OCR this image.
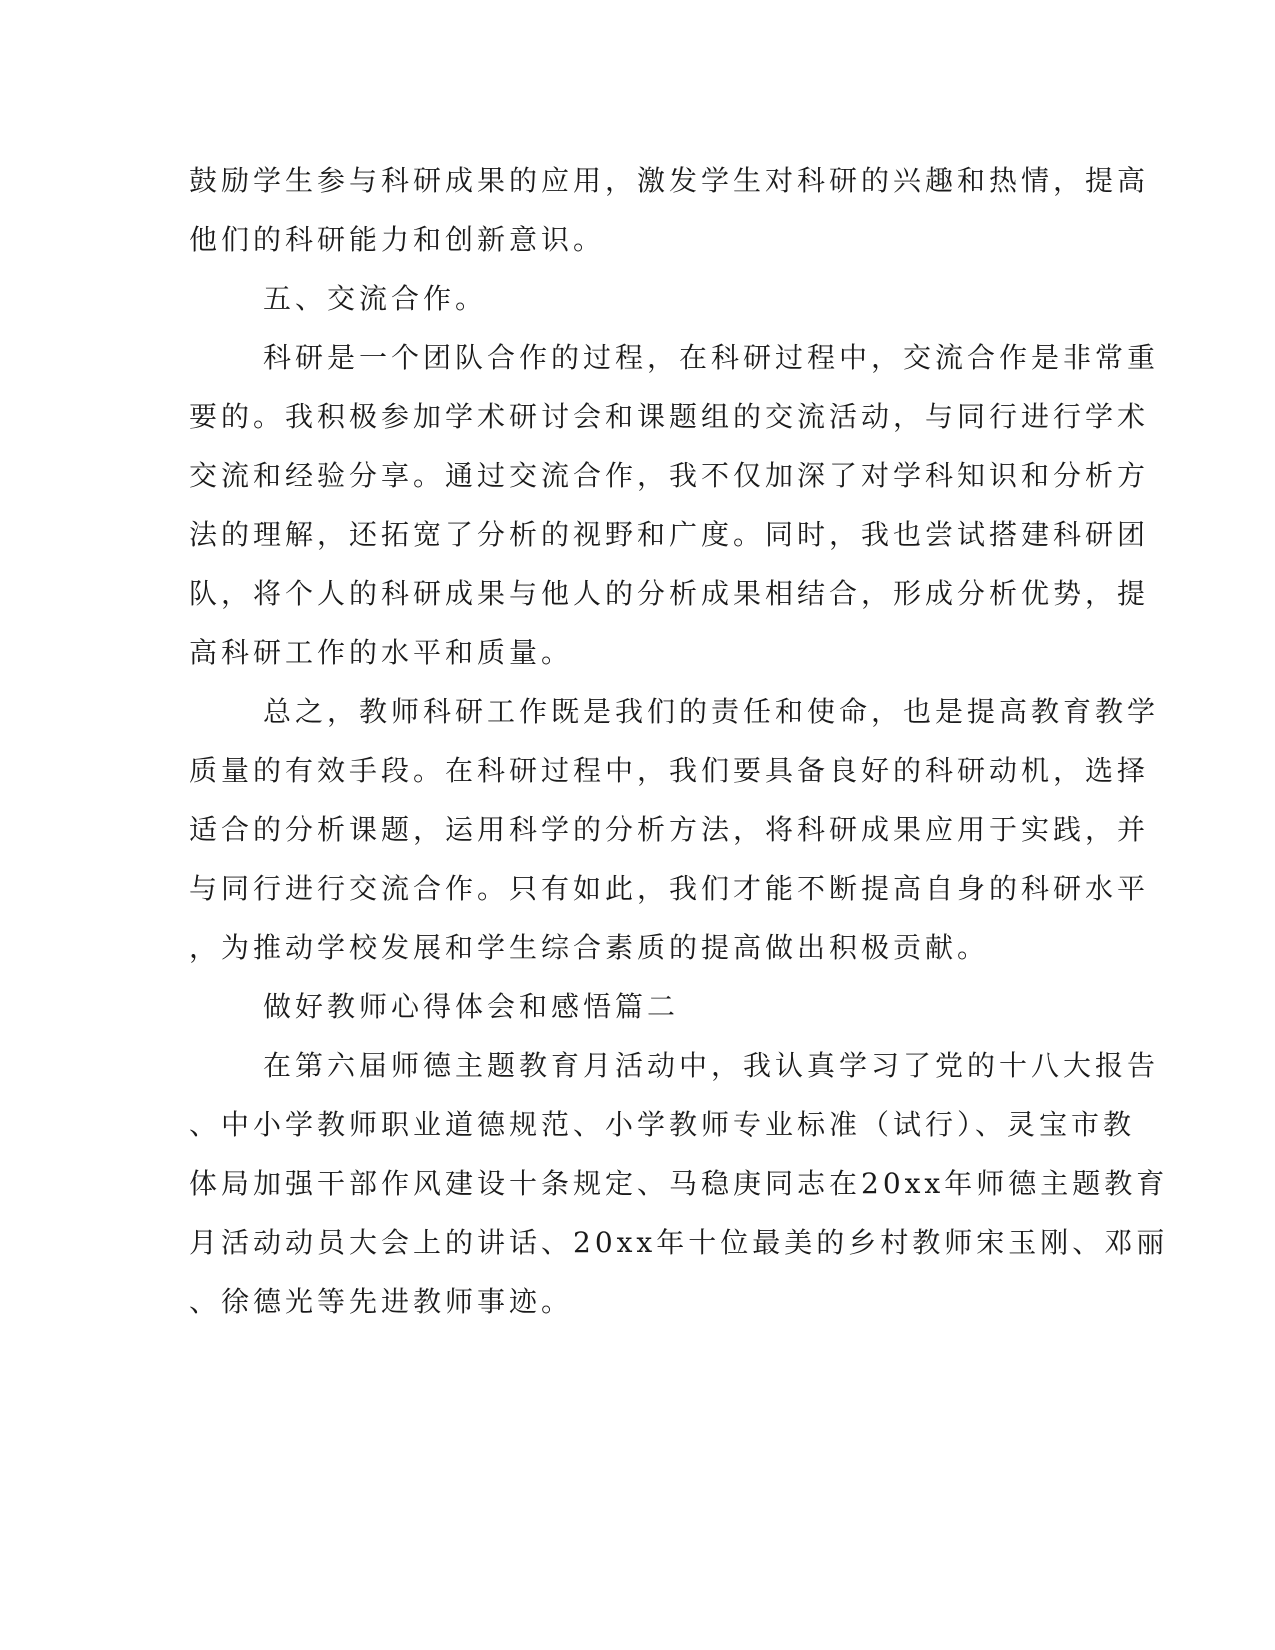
鼓励学生参与科研成果的应用，激发学生对科研的兴趣和热情，提高
他们的科研能力和创新意识。
五、交流合作。
科研是一个团队合作的过程，在科研过程中，交流合作是非常重
要的。我积极参加学术研讨会和课题组的交流活动，与同行进行学术
交流和经验分享。通过交流合作，我不仅加深了对学科知识和分析方
法的理解，还拓宽了分析的视野和广度。同时，我也尝试搭建科研团
队，将个人的科研成果与他人的分析成果相结合，形成分析优势，提
高科研工作的水平和质量。
总之，教师科研工作既是我们的责任和使命，也是提高教育教学
质量的有效手段。在科研过程中，我们要具备良好的科研动机，选择
适合的分析课题，运用科学的分析方法，将科研成果应用于实践，并
与同行进行交流合作。只有如此，我们才能不断提高自身的科研水平
，为推动学校发展和学生综合素质的提高做出积极贡献。
做好教师心得体会和感悟篇二
在第六届师德主题教育月活动中，我认真学习了党的十八大报告
、中小学教师职业道德规范、小学教师专业标准（试行）、灵宝市教
体局加强干部作风建设十条规定、马稳庚同志在20xx年师德主题教育
月活动动员大会上的讲话、20xx年十位最美的乡村教师宋玉刚、邓丽
、徐德光等先进教师事迹。
